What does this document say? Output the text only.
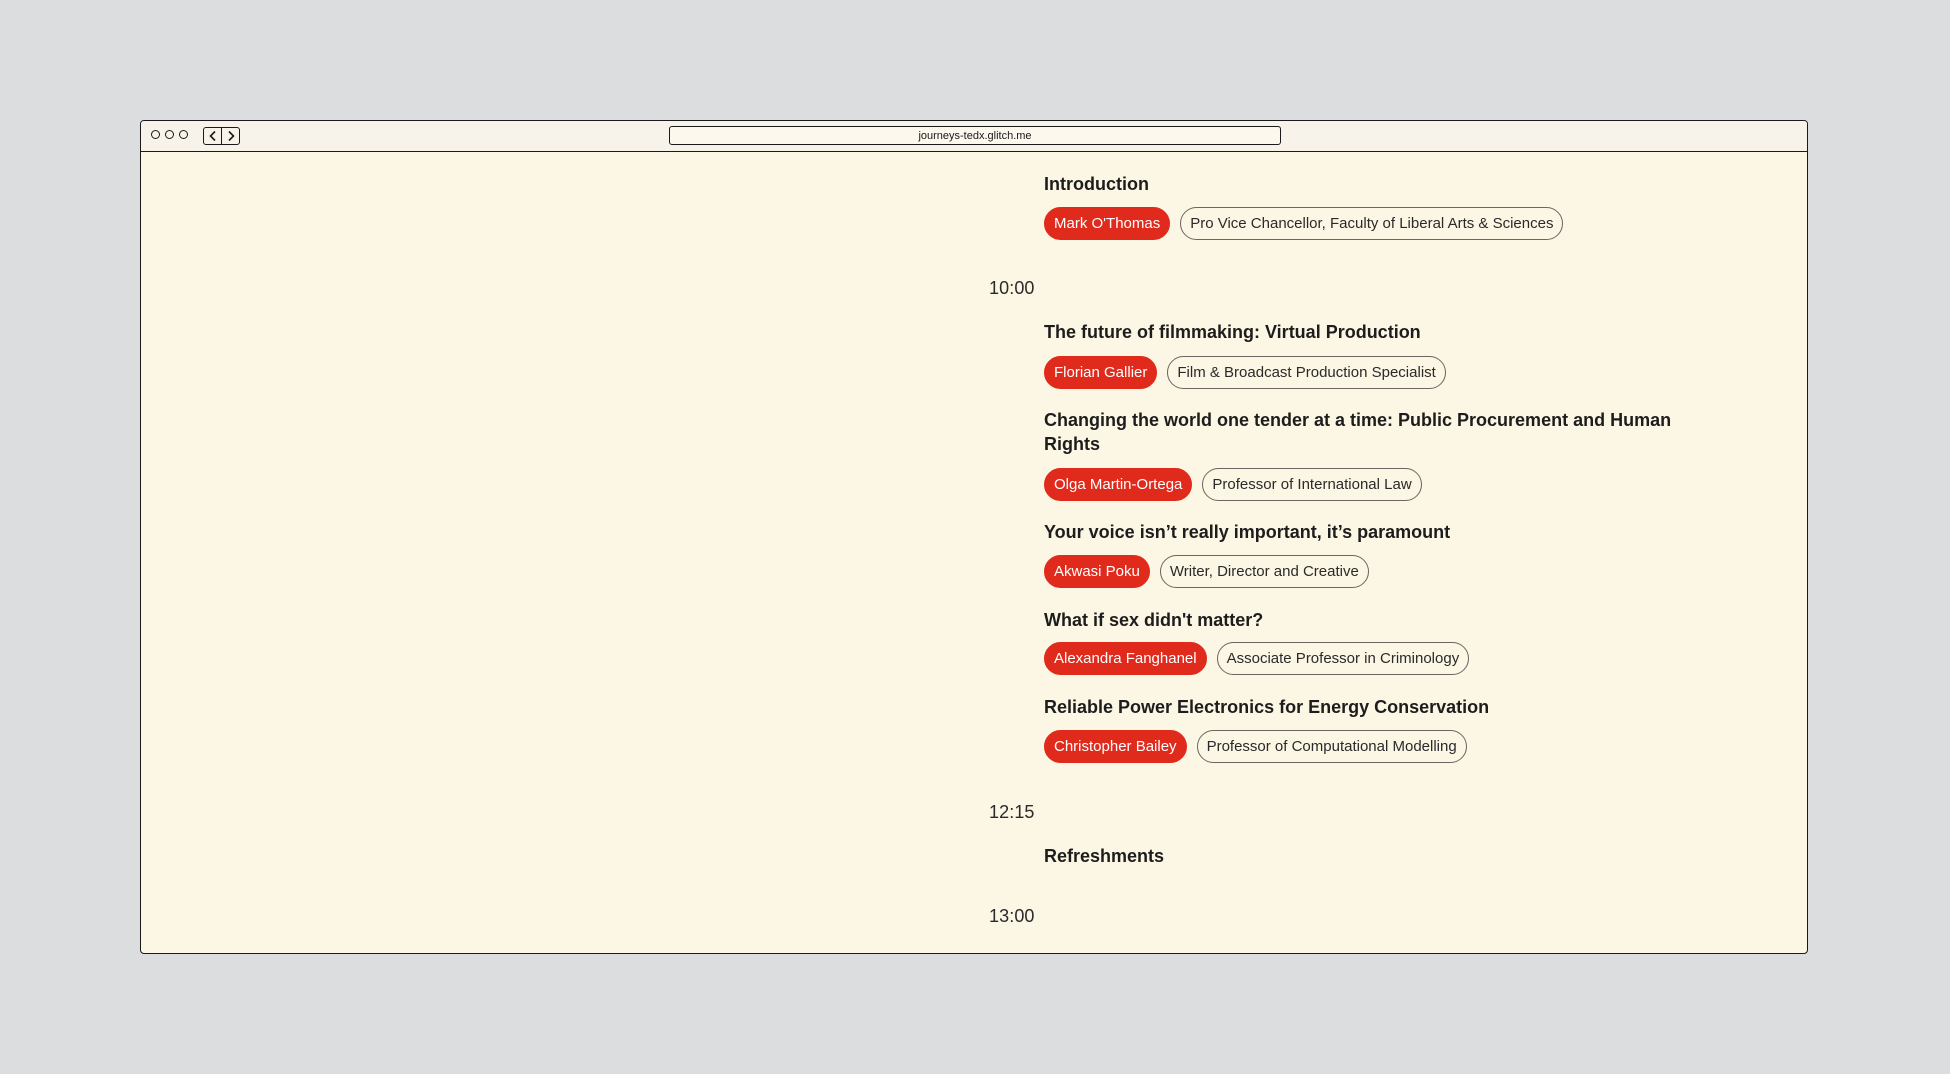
journeys-tedx.glitch.me
Introduction
Mark O'Thomas	Pro Vice Chancellor, Faculty of Liberal Arts & Sciences
10:00
The future of filmmaking: Virtual Production
Florian Gallier	Film & Broadcast Production Specialist
Changing the world one tender at a time: Public Procurement and Human Rights
Olga Martin-Ortega	Professor of International Law
Your voice isn’t really important, it’s paramount
Akwasi Poku	Writer, Director and Creative
What if sex didn't matter?
Alexandra Fanghanel	Associate Professor in Criminology
Reliable Power Electronics for Energy Conservation
Christopher Bailey	Professor of Computational Modelling
12:15
Refreshments
13:00
